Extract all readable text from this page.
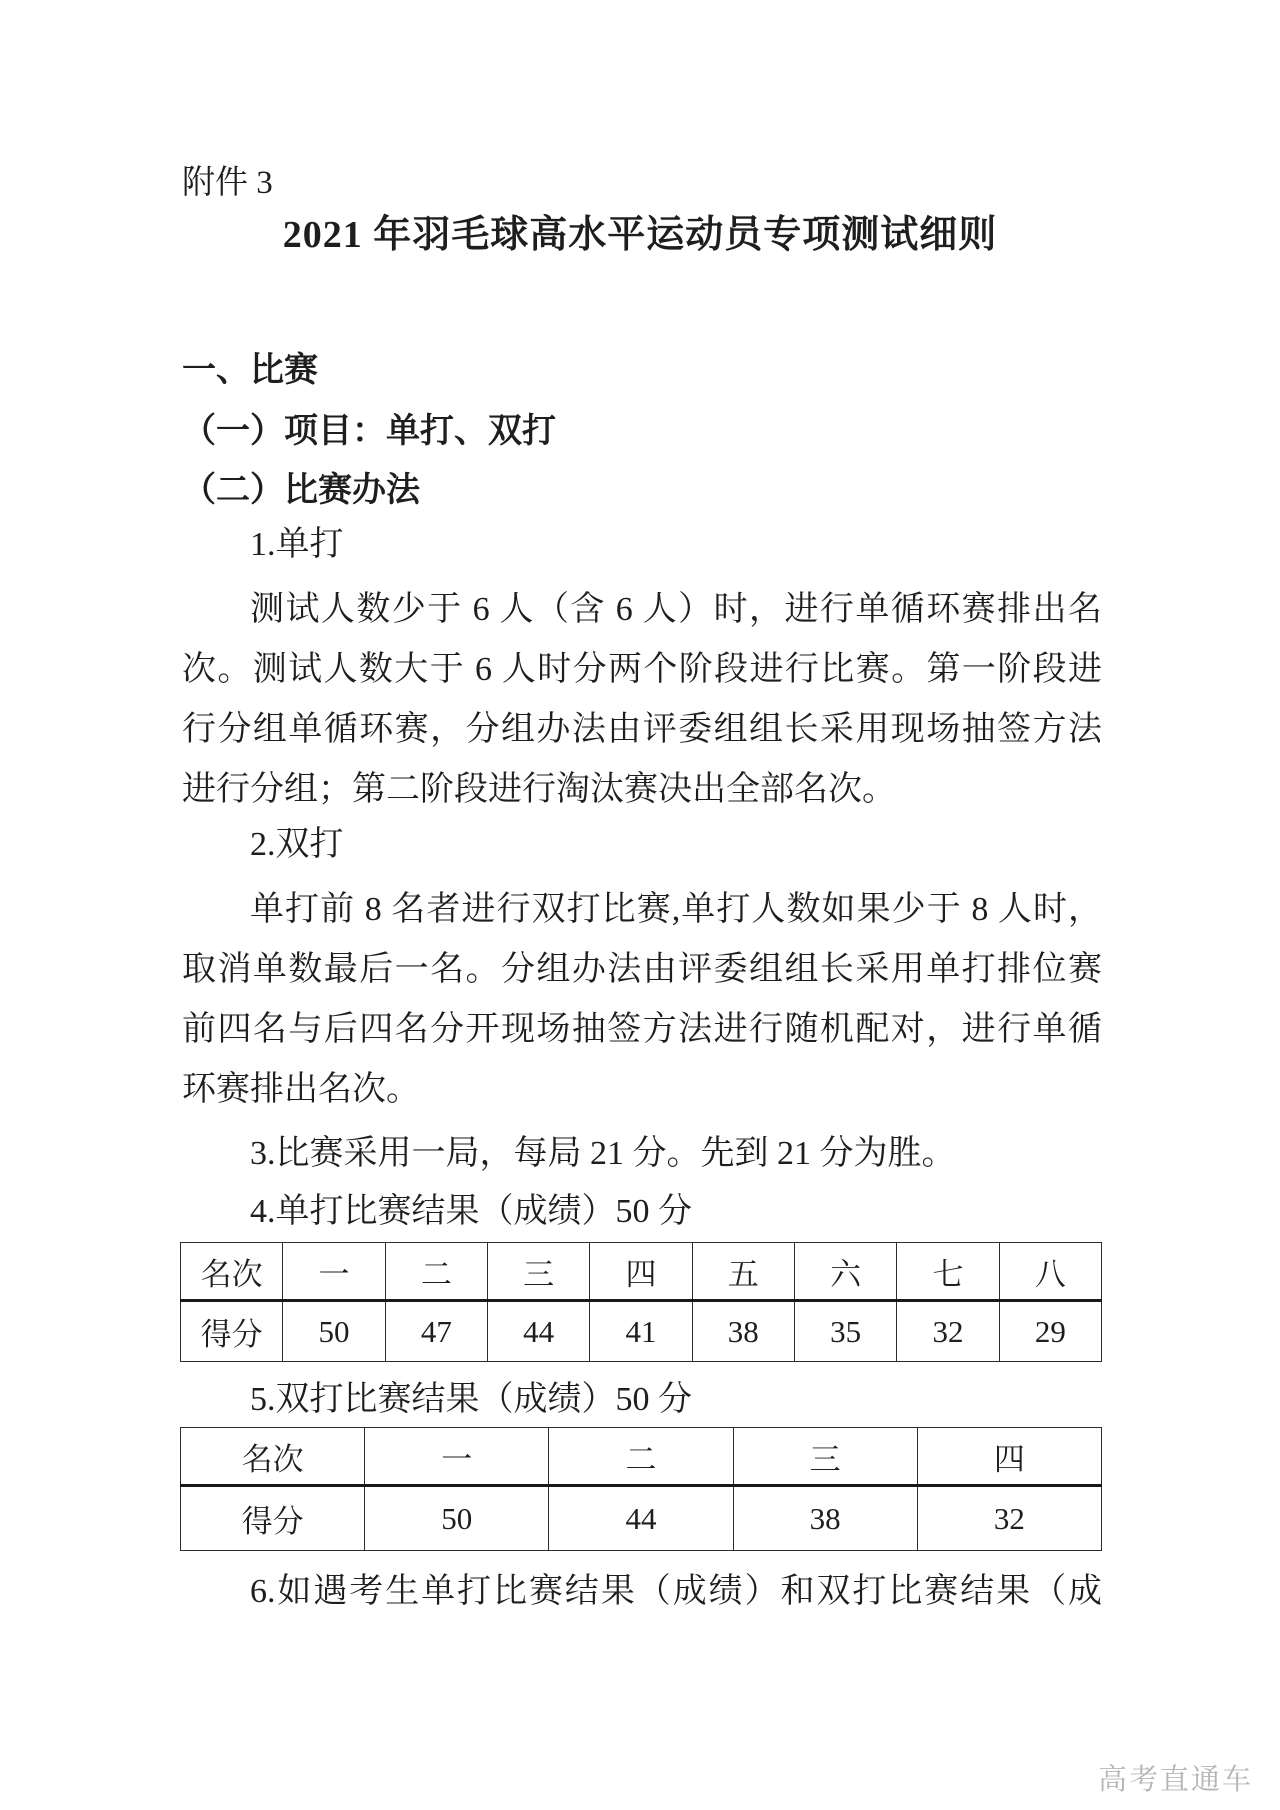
附件 3
2021 年羽毛球高水平运动员专项测试细则
一、比赛
（一）项目：单打、双打
（二）比赛办法
1.单打
测试人数少于 6 人（含 6 人）时，进行单循环赛排出名
次。测试人数大于 6 人时分两个阶段进行比赛。第一阶段进
行分组单循环赛，分组办法由评委组组长采用现场抽签方法
进行分组；第二阶段进行淘汰赛决出全部名次。
2.双打
单打前 8 名者进行双打比赛,单打人数如果少于 8 人时，
取消单数最后一名。分组办法由评委组组长采用单打排位赛
前四名与后四名分开现场抽签方法进行随机配对，进行单循
环赛排出名次。
3.比赛采用一局，每局 21 分。先到 21 分为胜。
4.单打比赛结果（成绩）50 分
名次	一	二	三	四	五	六	七	八
得分	50	47	44	41	38	35	32	29
5.双打比赛结果（成绩）50 分
名次	一	二	三	四
得分	50	44	38	32
6.如遇考生单打比赛结果（成绩）和双打比赛结果（成
高考直通车
